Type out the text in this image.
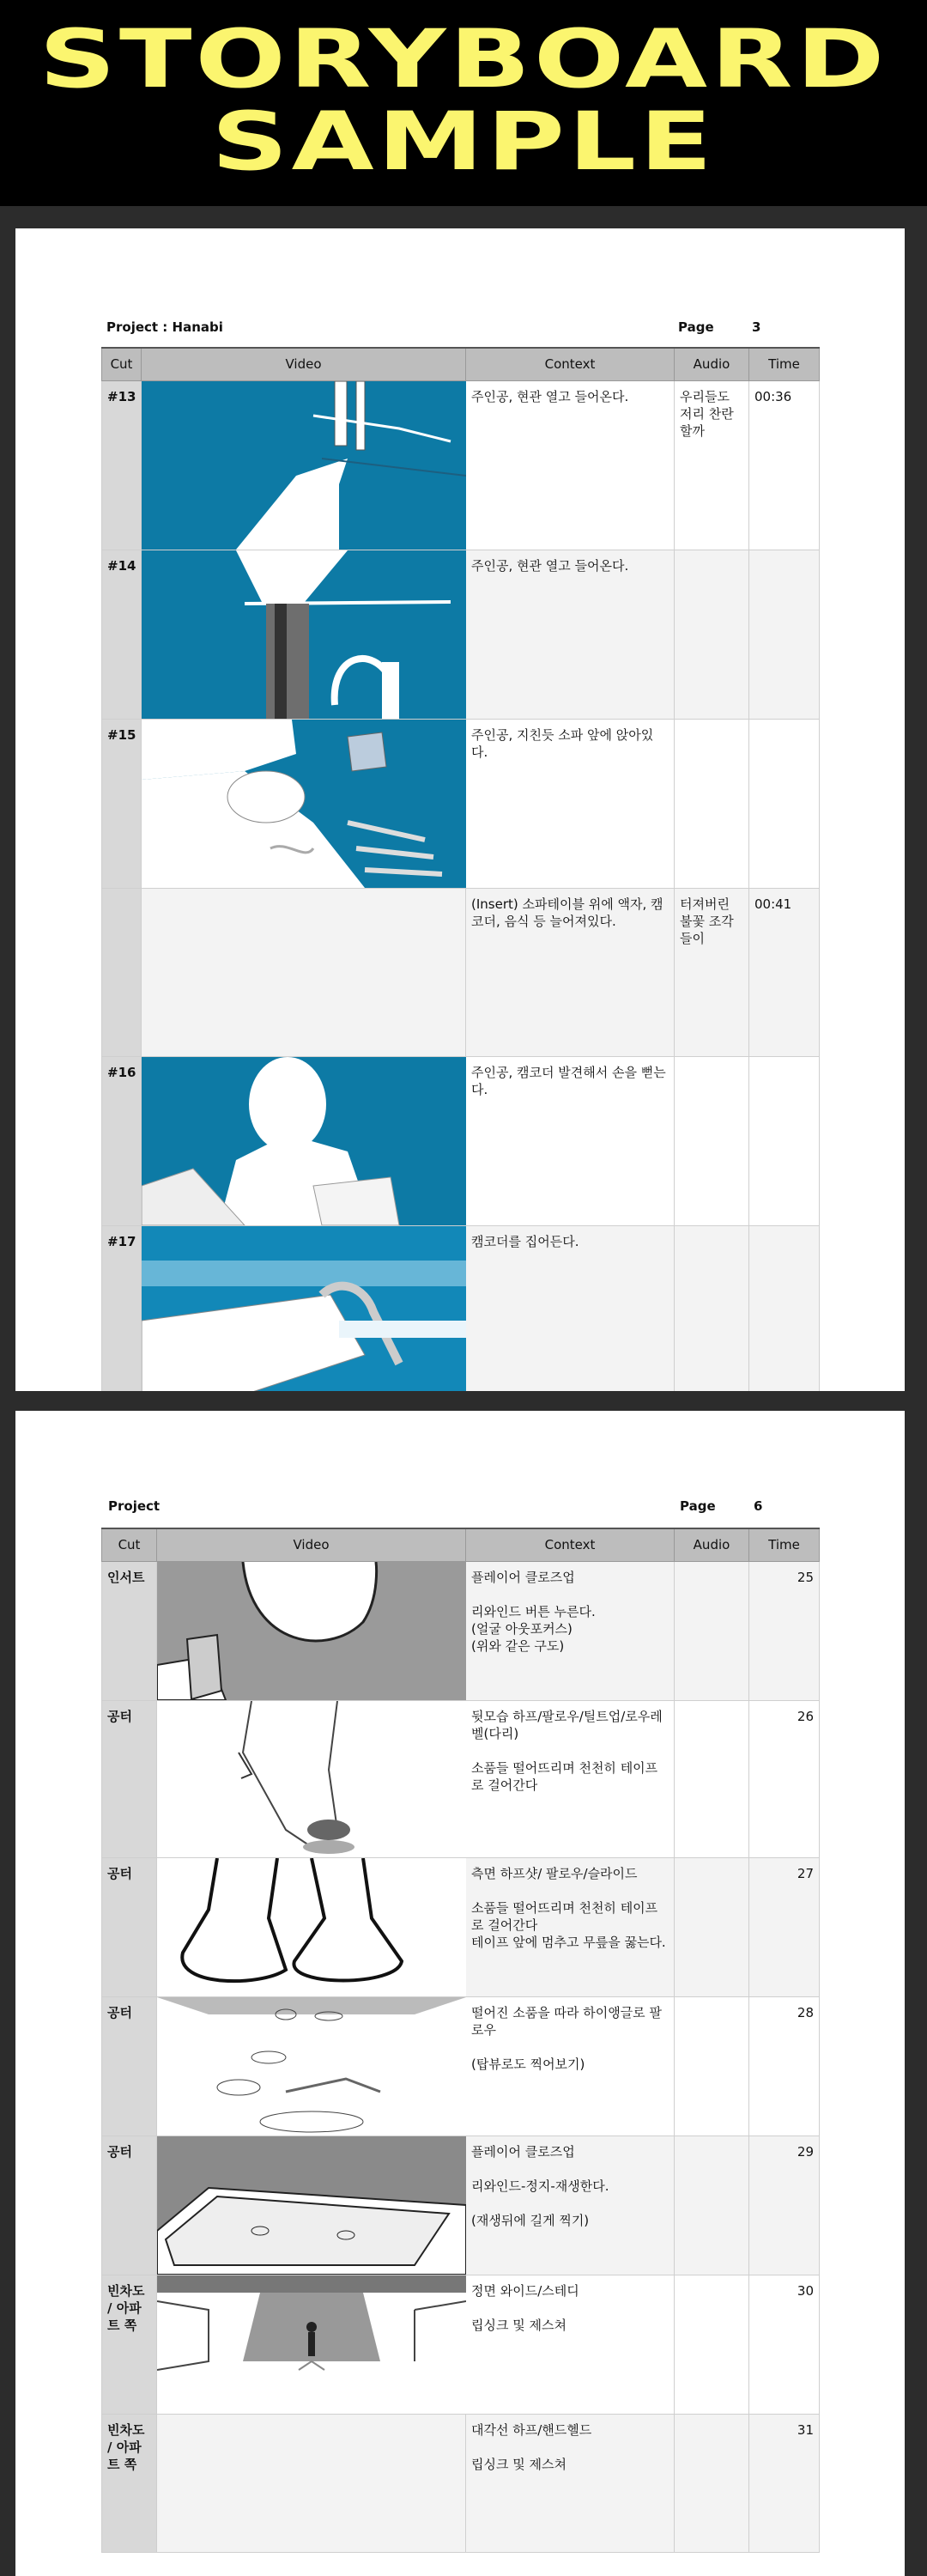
STORYBOARD
SAMPLE
Project : Hanabi	Page	3
Cut	Video	Context	Audio	Time
#13		주인공, 현관 열고 들어온다.	우리들도 저리 찬란할까	00:36
#14		주인공, 현관 열고 들어온다.		
#15		주인공, 지친듯 소파 앞에 앉아있다.		
		(Insert) 소파테이블 위에 액자, 캠코더, 음식 등 늘어져있다.	터져버린 불꽃 조각들이	00:41
#16		주인공, 캠코더 발견해서 손을 뻗는다.		
#17		캠코더를 집어든다.		
Project	Page	6
Cut	Video	Context	Audio	Time
인서트		플레이어 클로즈업

리와인드 버튼 누른다.
(얼굴 아웃포커스)
(위와 같은 구도)		25
공터		뒷모습 하프/팔로우/틸트업/로우레벨(다리)

소품들 떨어뜨리며 천천히 테이프로 걸어간다		26
공터		측면 하프샷/ 팔로우/슬라이드

소품들 떨어뜨리며 천천히 테이프로 걸어간다
테이프 앞에 멈추고 무릎을 꿇는다.		27
공터		떨어진 소품을 따라 하이앵글로 팔로우

(탑뷰로도 찍어보기)		28
공터		플레이어 클로즈업

리와인드-정지-재생한다.

(재생뒤에 길게 찍기)		29
빈차도 / 아파트 쪽		정면 와이드/스테디

립싱크 및 제스쳐		30
빈차도 / 아파트 쪽		대각선 하프/핸드헬드

립싱크 및 제스쳐		31
